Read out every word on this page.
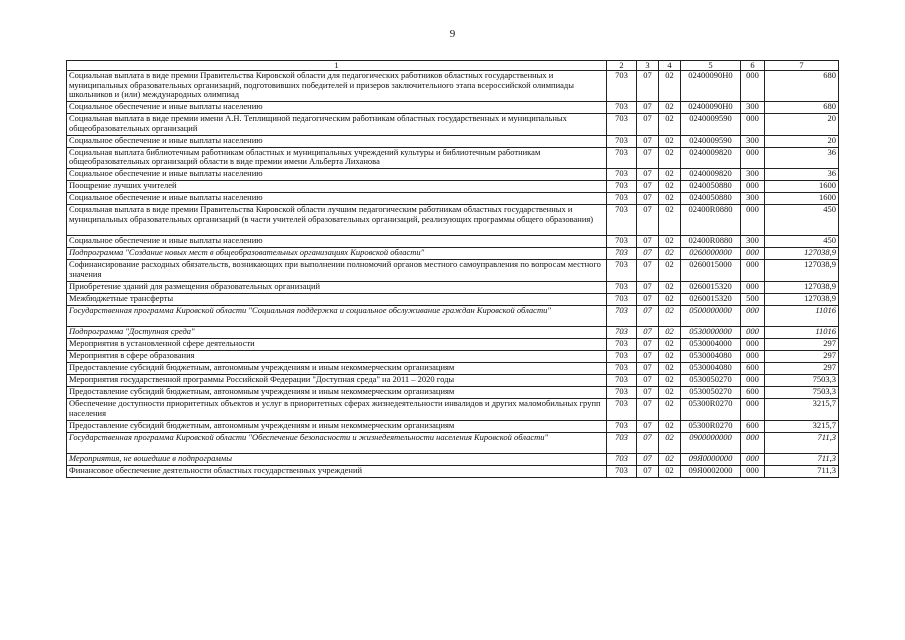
9
1	2	3	4	5	6	7
Социальная выплата в виде премии Правительства Кировской области для педагогических работников областных государственных и муниципальных образовательных организаций, подготовивших победителей и призеров заключительного этапа всероссийской олимпиады школьников и (или) международных олимпиад	703	07	02	02400090Н0	000	680
Социальное обеспечение и иные выплаты населению	703	07	02	02400090Н0	300	680
Социальная выплата в виде премии имени А.Н. Теплищиной педагогическим работникам областных государственных и муниципальных общеобразовательных организаций	703	07	02	0240009590	000	20
Социальное обеспечение и иные выплаты населению	703	07	02	0240009590	300	20
Социальная выплата библиотечным работникам областных и муниципальных учреждений культуры и библиотечным работникам общеобразовательных организаций области в виде премии имени Альберта Лиханова	703	07	02	0240009820	000	36
Социальное обеспечение и иные выплаты населению	703	07	02	0240009820	300	36
Поощрение лучших учителей	703	07	02	0240050880	000	1600
Социальное обеспечение и иные выплаты населению	703	07	02	0240050880	300	1600
Социальная выплата в виде премии Правительства Кировской области лучшим педагогическим работникам областных государственных и муниципальных образовательных организаций (в части учителей образовательных организаций, реализующих программы общего образования)	703	07	02	02400R0880	000	450
Социальное обеспечение и иные выплаты населению	703	07	02	02400R0880	300	450
Подпрограмма "Создание новых мест в общеобразовательных организациях Кировской области"	703	07	02	0260000000	000	127038,9
Софинансирование расходных обязательств, возникающих при выполнении полномочий органов местного самоуправления по вопросам местного значения	703	07	02	0260015000	000	127038,9
Приобретение зданий для размещения образовательных организаций	703	07	02	0260015320	000	127038,9
Межбюджетные трансферты	703	07	02	0260015320	500	127038,9
Государственная программа Кировской области "Социальная поддержка и социальное обслуживание граждан Кировской области"	703	07	02	0500000000	000	11016
Подпрограмма "Доступная среда"	703	07	02	0530000000	000	11016
Мероприятия в установленной сфере деятельности	703	07	02	0530004000	000	297
Мероприятия в сфере образования	703	07	02	0530004080	000	297
Предоставление субсидий бюджетным, автономным учреждениям и иным некоммерческим организациям	703	07	02	0530004080	600	297
Мероприятия государственной программы Российской Федерации "Доступная среда" на 2011 – 2020 годы	703	07	02	0530050270	000	7503,3
Предоставление субсидий бюджетным, автономным учреждениям и иным некоммерческим организациям	703	07	02	0530050270	600	7503,3
Обеспечение доступности приоритетных объектов и услуг в приоритетных сферах жизнедеятельности инвалидов и других маломобильных групп населения	703	07	02	05300R0270	000	3215,7
Предоставление субсидий бюджетным, автономным учреждениям и иным некоммерческим организациям	703	07	02	05300R0270	600	3215,7
Государственная программа Кировской области "Обеспечение безопасности и жизнедеятельности населения Кировской области"	703	07	02	0900000000	000	711,3
Мероприятия, не вошедшие в подпрограммы	703	07	02	09Я0000000	000	711,3
Финансовое обеспечение деятельности областных государственных учреждений	703	07	02	09Я0002000	000	711,3
